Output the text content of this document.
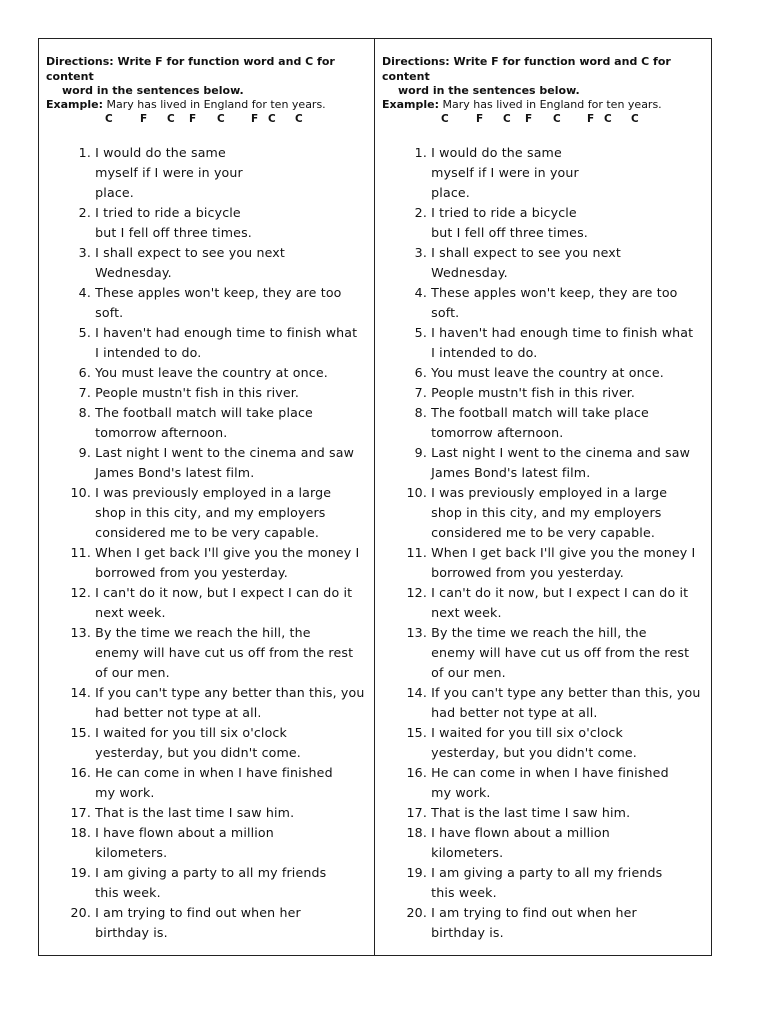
Directions: Write F for function word and C for content
word in the sentences below.
Example: Mary has lived in England for ten years.
C	F C F C	F C C
1.
I would do the same
myself if I were in your
place.
2.
I tried to ride a bicycle
but I fell off three times.
3.
I shall expect to see you next
Wednesday.
4.
These apples won't keep, they are too
soft.
5.
I haven't had enough time to finish what
I intended to do.
6.
You must leave the country at once.
7.
People mustn't fish in this river.
8.
The football match will take place
tomorrow afternoon.
9.
Last night I went to the cinema and saw
James Bond's latest film.
10.
I was previously employed in a large
shop in this city, and my employers
considered me to be very capable.
11.
When I get back I'll give you the money I
borrowed from you yesterday.
12.
I can't do it now, but I expect I can do it
next week.
13.
By the time we reach the hill, the
enemy will have cut us off from the rest
of our men.
14.
If you can't type any better than this, you
had better not type at all.
15.
I waited for you till six o'clock
yesterday, but you didn't come.
16.
He can come in when I have finished
my work.
17.
That is the last time I saw him.
18.
I have flown about a million
kilometers.
19.
I am giving a party to all my friends
this week.
20.
I am trying to find out when her
birthday is.
Directions: Write F for function word and C for content
word in the sentences below.
Example: Mary has lived in England for ten years.
C	F C F C	F C C
1.
I would do the same
myself if I were in your
place.
2.
I tried to ride a bicycle
but I fell off three times.
3.
I shall expect to see you next
Wednesday.
4.
These apples won't keep, they are too
soft.
5.
I haven't had enough time to finish what
I intended to do.
6.
You must leave the country at once.
7.
People mustn't fish in this river.
8.
The football match will take place
tomorrow afternoon.
9.
Last night I went to the cinema and saw
James Bond's latest film.
10.
I was previously employed in a large
shop in this city, and my employers
considered me to be very capable.
11.
When I get back I'll give you the money I
borrowed from you yesterday.
12.
I can't do it now, but I expect I can do it
next week.
13.
By the time we reach the hill, the
enemy will have cut us off from the rest
of our men.
14.
If you can't type any better than this, you
had better not type at all.
15.
I waited for you till six o'clock
yesterday, but you didn't come.
16.
He can come in when I have finished
my work.
17.
That is the last time I saw him.
18.
I have flown about a million
kilometers.
19.
I am giving a party to all my friends
this week.
20.
I am trying to find out when her
birthday is.
